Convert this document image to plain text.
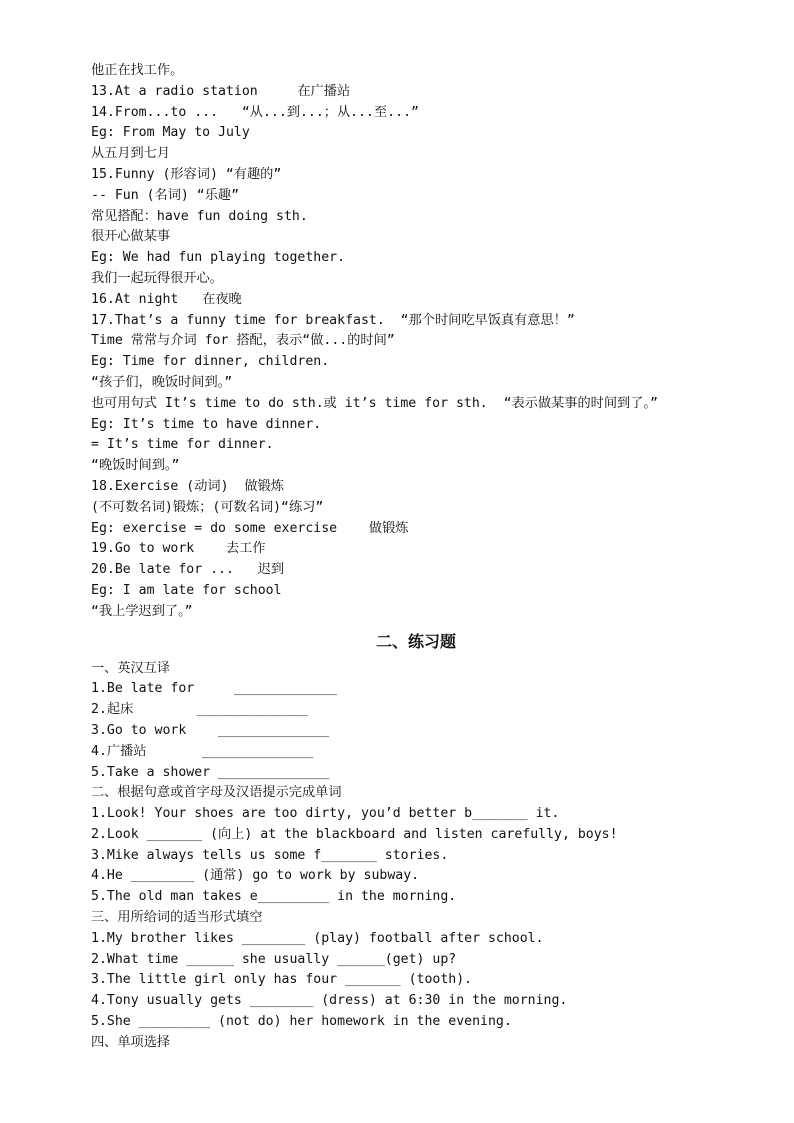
他正在找工作。
13.At a radio station     在广播站
14.From...to ...   “从...到...；从...至...”
Eg: From May to July
从五月到七月
15.Funny (形容词) “有趣的”
-- Fun (名词) “乐趣”
常见搭配：have fun doing sth.
很开心做某事
Eg: We had fun playing together.
我们一起玩得很开心。
16.At night   在夜晚
17.That’s a funny time for breakfast.  “那个时间吃早饭真有意思！”
Time 常常与介词 for 搭配，表示“做...的时间”
Eg: Time for dinner, children.
“孩子们，晚饭时间到。”
也可用句式 It’s time to do sth.或 it’s time for sth.  “表示做某事的时间到了。”
Eg: It’s time to have dinner.
= It’s time for dinner.
“晚饭时间到。”
18.Exercise (动词)  做锻炼
(不可数名词)锻炼；(可数名词)“练习”
Eg: exercise = do some exercise    做锻炼
19.Go to work    去工作
20.Be late for ...   迟到
Eg: I am late for school
“我上学迟到了。”
二、练习题
一、英汉互译
1.Be late for     _____________
2.起床        ______________
3.Go to work    ______________
4.广播站       ______________
5.Take a shower ______________
二、根据句意或首字母及汉语提示完成单词
1.Look! Your shoes are too dirty, you’d better b_______ it.
2.Look _______ (向上) at the blackboard and listen carefully, boys!
3.Mike always tells us some f_______ stories.
4.He ________ (通常) go to work by subway.
5.The old man takes e_________ in the morning.
三、用所给词的适当形式填空
1.My brother likes ________ (play) football after school.
2.What time ______ she usually ______(get) up?
3.The little girl only has four _______ (tooth).
4.Tony usually gets ________ (dress) at 6:30 in the morning.
5.She _________ (not do) her homework in the evening.
四、单项选择
